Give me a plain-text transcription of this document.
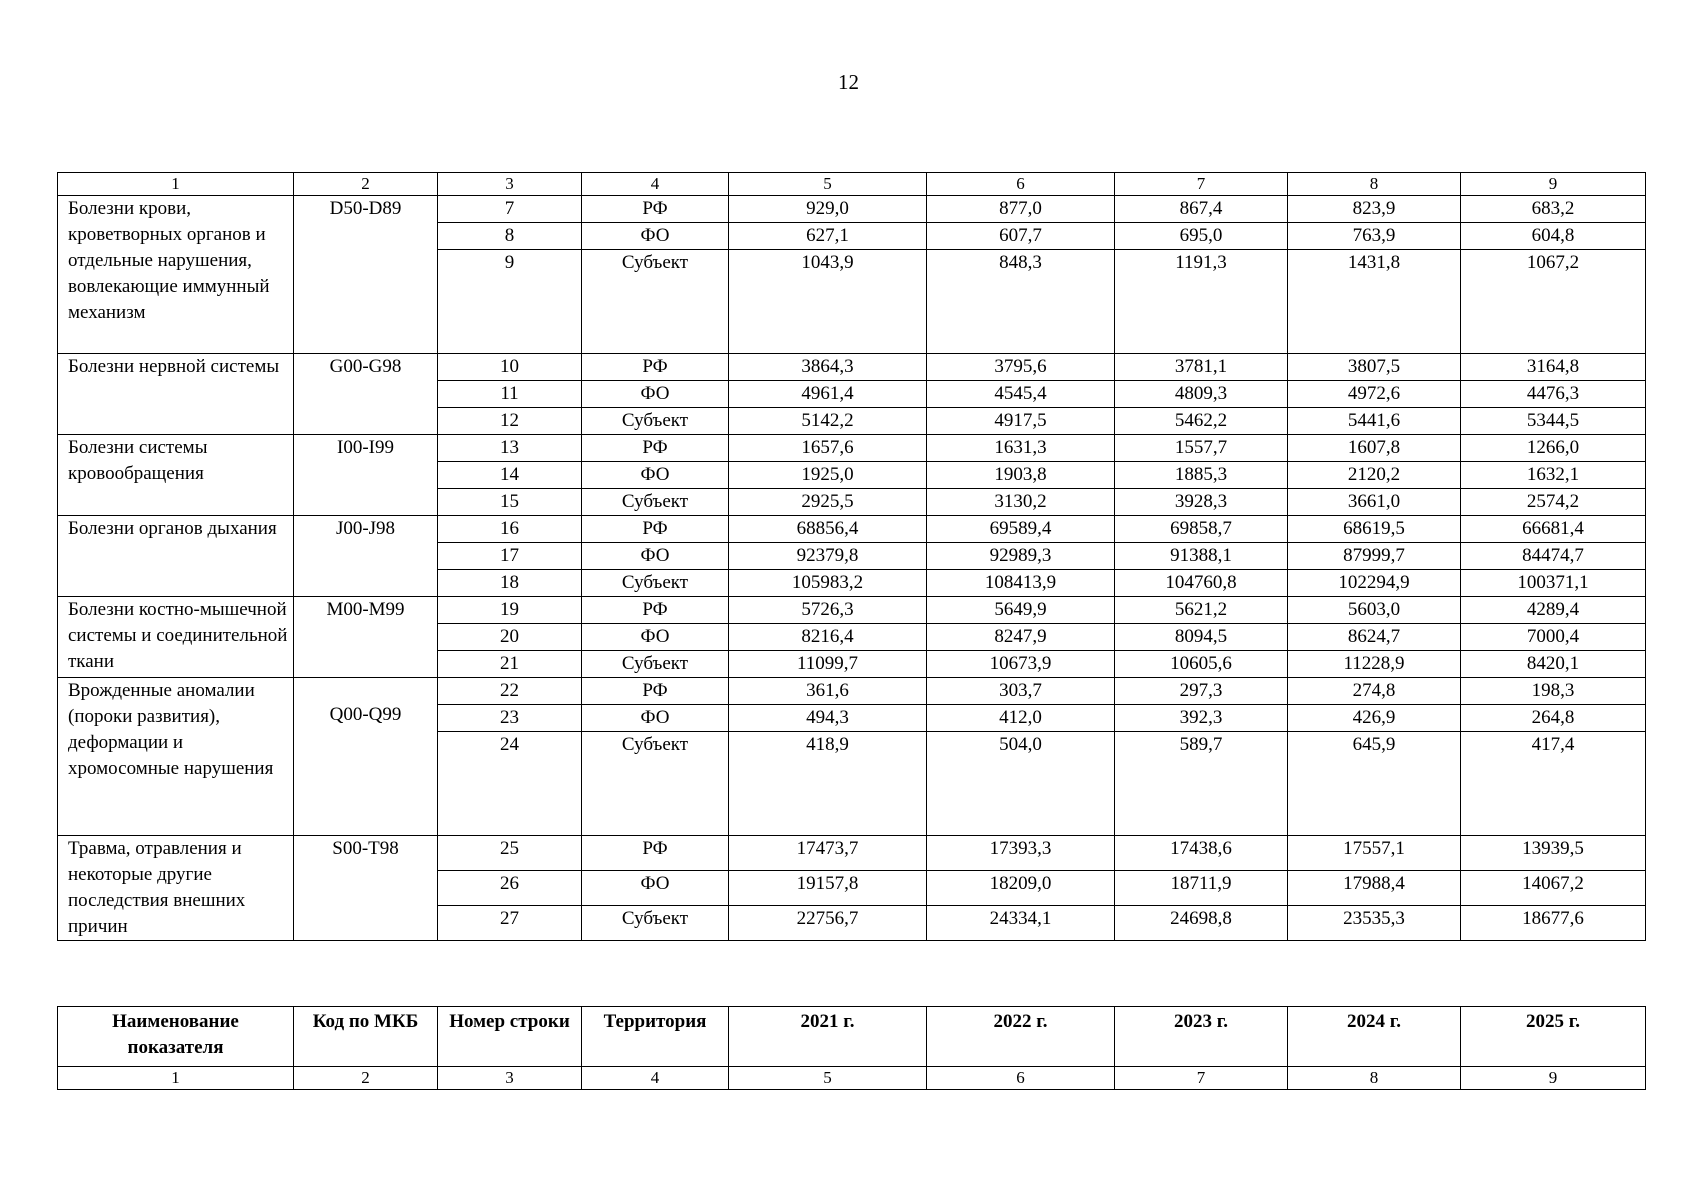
12
1	2	3	4	5	6	7	8	9
Болезни крови, кроветворных органов и отдельные нарушения, вовлекающие иммунный механизм	D50-D89	7	РФ	929,0	877,0	867,4	823,9	683,2
		8	ФО	627,1	607,7	695,0	763,9	604,8
		9	Субъект	1043,9	848,3	1191,3	1431,8	1067,2
Болезни нервной системы	G00-G98	10	РФ	3864,3	3795,6	3781,1	3807,5	3164,8
		11	ФО	4961,4	4545,4	4809,3	4972,6	4476,3
		12	Субъект	5142,2	4917,5	5462,2	5441,6	5344,5
Болезни системы кровообращения	I00-I99	13	РФ	1657,6	1631,3	1557,7	1607,8	1266,0
		14	ФО	1925,0	1903,8	1885,3	2120,2	1632,1
		15	Субъект	2925,5	3130,2	3928,3	3661,0	2574,2
Болезни органов дыхания	J00-J98	16	РФ	68856,4	69589,4	69858,7	68619,5	66681,4
		17	ФО	92379,8	92989,3	91388,1	87999,7	84474,7
		18	Субъект	105983,2	108413,9	104760,8	102294,9	100371,1
Болезни костно-мышечной системы и соединительной ткани	M00-M99	19	РФ	5726,3	5649,9	5621,2	5603,0	4289,4
		20	ФО	8216,4	8247,9	8094,5	8624,7	7000,4
		21	Субъект	11099,7	10673,9	10605,6	11228,9	8420,1
Врожденные аномалии (пороки развития), деформации и хромосомные нарушения	Q00-Q99	22	РФ	361,6	303,7	297,3	274,8	198,3
		23	ФО	494,3	412,0	392,3	426,9	264,8
		24	Субъект	418,9	504,0	589,7	645,9	417,4
Травма, отравления и некоторые другие последствия внешних причин	S00-T98	25	РФ	17473,7	17393,3	17438,6	17557,1	13939,5
		26	ФО	19157,8	18209,0	18711,9	17988,4	14067,2
		27	Субъект	22756,7	24334,1	24698,8	23535,3	18677,6
Наименование показателя	Код по МКБ	Номер строки	Территория	2021 г.	2022 г.	2023 г.	2024 г.	2025 г.
1	2	3	4	5	6	7	8	9
